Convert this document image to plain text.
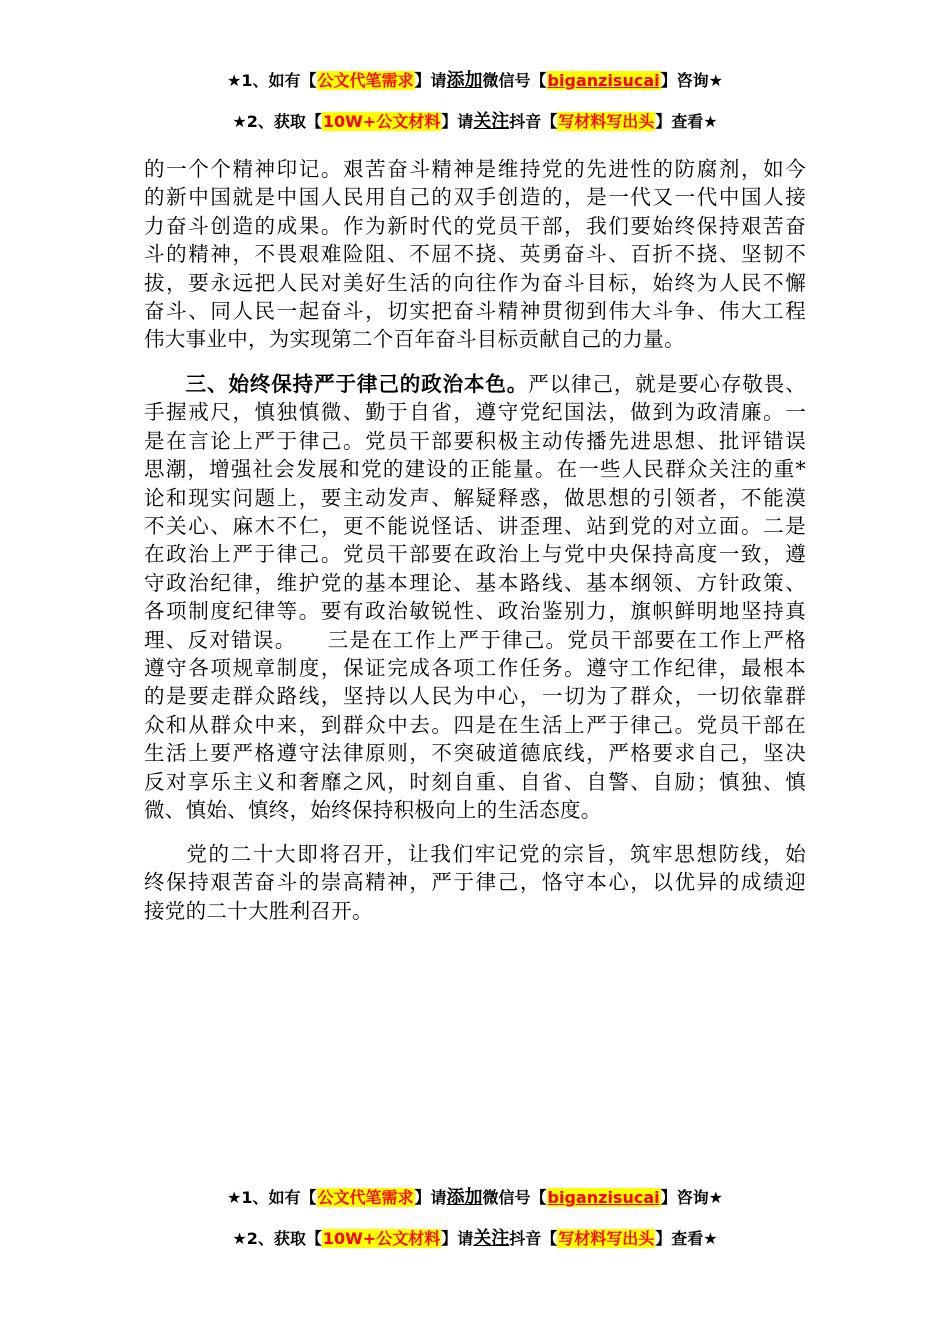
★1、如有【公文代笔需求】请添加微信号【biganzisucai】咨询★
★2、获取【10W+公文材料】请关注抖音【写材料写出头】查看★
的一个个精神印记。艰苦奋斗精神是维持党的先进性的防腐剂，如今
的新中国就是中国人民用自己的双手创造的，是一代又一代中国人接
力奋斗创造的成果。作为新时代的党员干部，我们要始终保持艰苦奋
斗的精神，不畏艰难险阻、不屈不挠、英勇奋斗、百折不挠、坚韧不
拔，要永远把人民对美好生活的向往作为奋斗目标，始终为人民不懈
奋斗、同人民一起奋斗，切实把奋斗精神贯彻到伟大斗争、伟大工程
伟大事业中，为实现第二个百年奋斗目标贡献自己的力量。
三、始终保持严于律己的政治本色。严以律己，就是要心存敬畏、
手握戒尺，慎独慎微、勤于自省，遵守党纪国法，做到为政清廉。一
是在言论上严于律己。党员干部要积极主动传播先进思想、批评错误
思潮，增强社会发展和党的建设的正能量。在一些人民群众关注的重*
论和现实问题上，要主动发声、解疑释惑，做思想的引领者，不能漠
不关心、麻木不仁，更不能说怪话、讲歪理、站到党的对立面。二是
在政治上严于律己。党员干部要在政治上与党中央保持高度一致，遵
守政治纪律，维护党的基本理论、基本路线、基本纲领、方针政策、
各项制度纪律等。要有政治敏锐性、政治鉴别力，旗帜鲜明地坚持真
理、反对错误。    三是在工作上严于律己。党员干部要在工作上严格
遵守各项规章制度，保证完成各项工作任务。遵守工作纪律，最根本
的是要走群众路线，坚持以人民为中心，一切为了群众，一切依靠群
众和从群众中来，到群众中去。四是在生活上严于律己。党员干部在
生活上要严格遵守法律原则，不突破道德底线，严格要求自己，坚决
反对享乐主义和奢靡之风，时刻自重、自省、自警、自励；慎独、慎
微、慎始、慎终，始终保持积极向上的生活态度。
党的二十大即将召开，让我们牢记党的宗旨，筑牢思想防线，始
终保持艰苦奋斗的崇高精神，严于律己，恪守本心，以优异的成绩迎
接党的二十大胜利召开。
★1、如有【公文代笔需求】请添加微信号【biganzisucai】咨询★
★2、获取【10W+公文材料】请关注抖音【写材料写出头】查看★
